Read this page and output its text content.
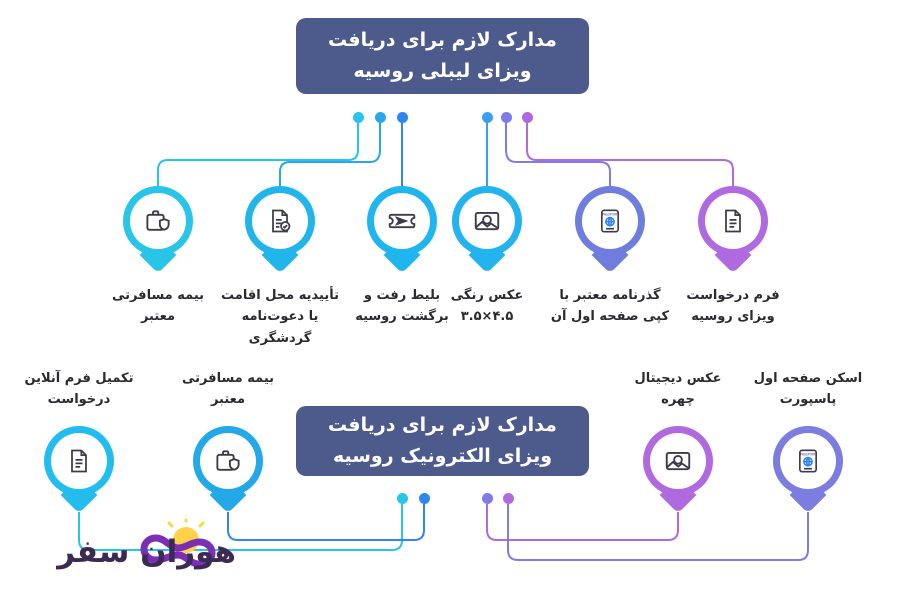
مدارک لازم برای دریافت ویزای لیبلی روسیه
بیمه مسافرتی معتبر
تأییدیه محل اقامت یا دعوت‌نامه گردشگری
بلیط رفت و برگشت روسیه
عکس رنگی ۴.۵×۳.۵
PASSPORT
گذرنامه معتبر با کپی صفحه اول آن
فرم درخواست ویزای روسیه
مدارک لازم برای دریافت ویزای الکترونیک روسیه
تکمیل فرم آنلاین درخواست
بیمه مسافرتی معتبر
عکس دیجیتال چهره
اسکن صفحه اول پاسپورت
PASSPORT
هوران سفر
